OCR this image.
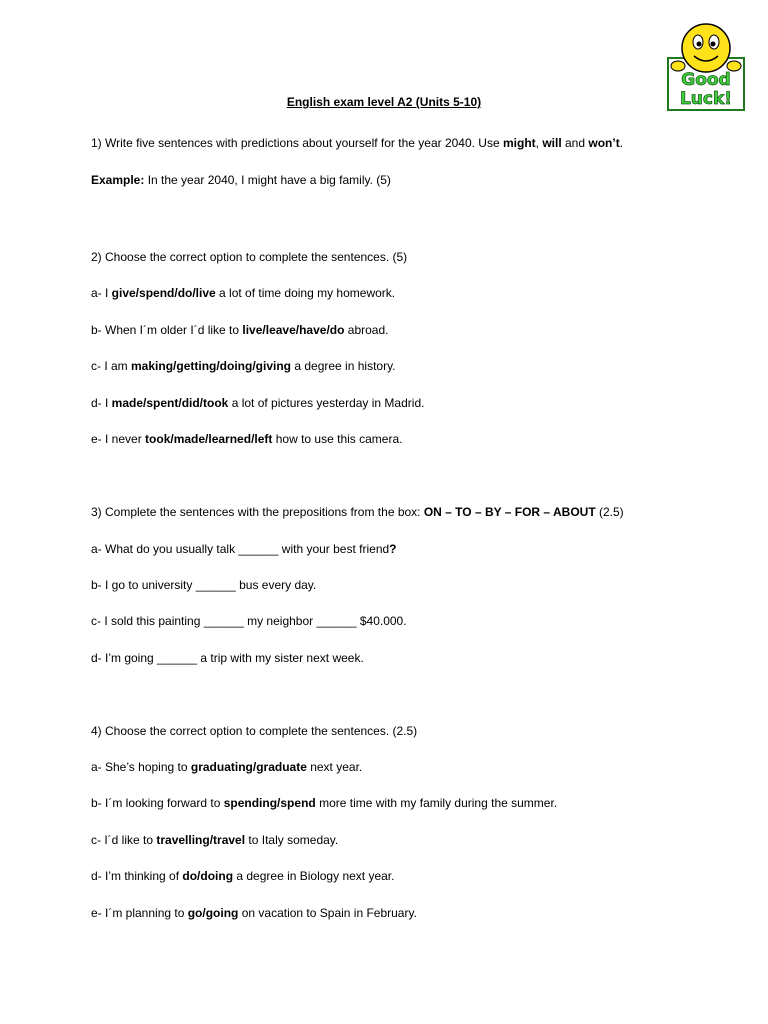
Good
Luck!
English exam level A2 (Units 5-10)
1) Write five sentences with predictions about yourself for the year 2040. Use might, will and won’t.
Example: In the year 2040, I might have a big family. (5)
2) Choose the correct option to complete the sentences. (5)
a- I give/spend/do/live a lot of time doing my homework.
b- When I´m older I´d like to live/leave/have/do abroad.
c- I am making/getting/doing/giving a degree in history.
d- I made/spent/did/took a lot of pictures yesterday in Madrid.
e- I never took/made/learned/left how to use this camera.
3) Complete the sentences with the prepositions from the box: ON – TO – BY – FOR – ABOUT (2.5)
a- What do you usually talk ______ with your best friend?
b- I go to university ______ bus every day.
c- I sold this painting ______ my neighbor ______ $40.000.
d- I’m going ______ a trip with my sister next week.
4) Choose the correct option to complete the sentences. (2.5)
a- She’s hoping to graduating/graduate next year.
b- I´m looking forward to spending/spend more time with my family during the summer.
c- I´d like to travelling/travel to Italy someday.
d- I’m thinking of do/doing a degree in Biology next year.
e- I´m planning to go/going on vacation to Spain in February.
